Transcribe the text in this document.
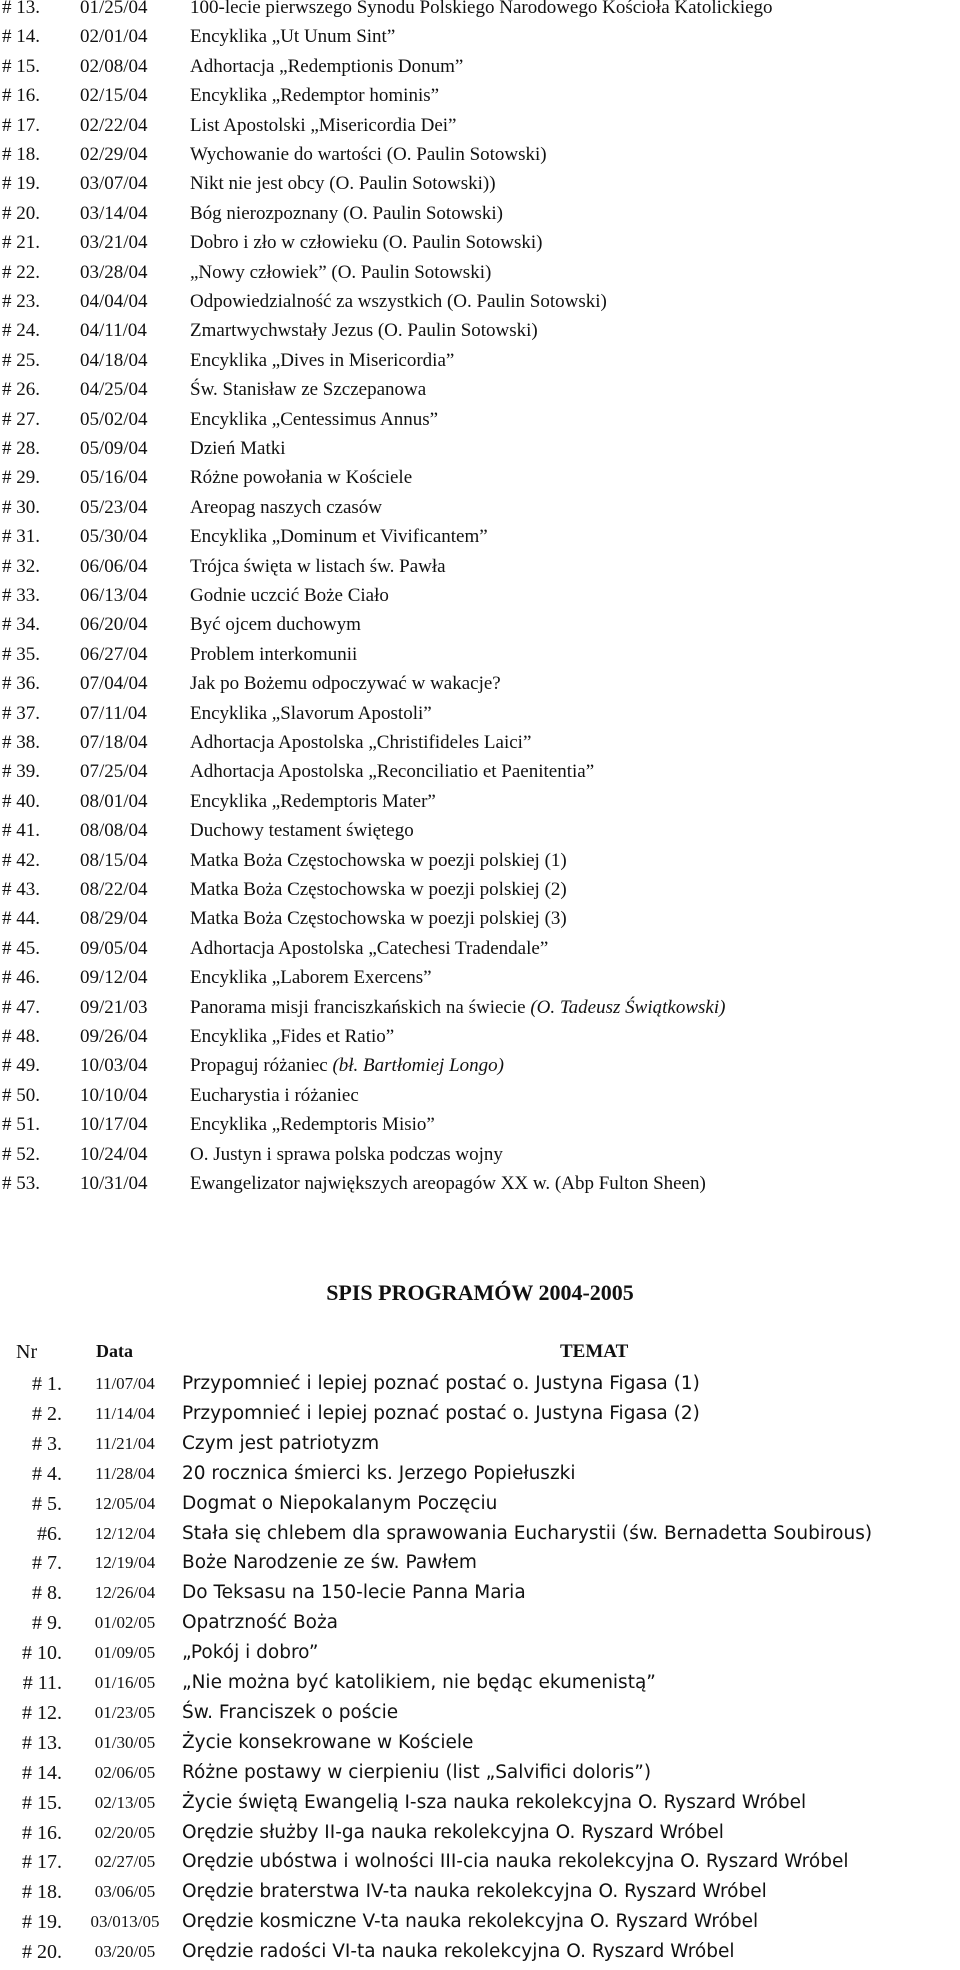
# 13. 01/25/04 100-lecie pierwszego Synodu Polskiego Narodowego Kościoła Katolickiego
# 14. 02/01/04 Encyklika „Ut Unum Sint”
# 15. 02/08/04 Adhortacja „Redemptionis Donum”
# 16. 02/15/04 Encyklika „Redemptor hominis”
# 17. 02/22/04 List Apostolski „Misericordia Dei”
# 18. 02/29/04 Wychowanie do wartości (O. Paulin Sotowski)
# 19. 03/07/04 Nikt nie jest obcy (O. Paulin Sotowski))
# 20. 03/14/04 Bóg nierozpoznany (O. Paulin Sotowski)
# 21. 03/21/04 Dobro i zło w człowieku (O. Paulin Sotowski)
# 22. 03/28/04 „Nowy człowiek” (O. Paulin Sotowski)
# 23. 04/04/04 Odpowiedzialność za wszystkich (O. Paulin Sotowski)
# 24. 04/11/04 Zmartwychwstały Jezus (O. Paulin Sotowski)
# 25. 04/18/04 Encyklika „Dives in Misericordia”
# 26. 04/25/04 Św. Stanisław ze Szczepanowa
# 27. 05/02/04 Encyklika „Centessimus Annus”
# 28. 05/09/04 Dzień Matki
# 29. 05/16/04 Różne powołania w Kościele
# 30. 05/23/04 Areopag naszych czasów
# 31. 05/30/04 Encyklika „Dominum et Vivificantem”
# 32. 06/06/04 Trójca święta w listach św. Pawła
# 33. 06/13/04 Godnie uczcić Boże Ciało
# 34. 06/20/04 Być ojcem duchowym
# 35. 06/27/04 Problem interkomunii
# 36. 07/04/04 Jak po Bożemu odpoczywać w wakacje?
# 37. 07/11/04 Encyklika „Slavorum Apostoli”
# 38. 07/18/04 Adhortacja Apostolska „Christifideles Laici”
# 39. 07/25/04 Adhortacja Apostolska „Reconciliatio et Paenitentia”
# 40. 08/01/04 Encyklika „Redemptoris Mater”
# 41. 08/08/04 Duchowy testament świętego
# 42. 08/15/04 Matka Boża Częstochowska w poezji polskiej (1)
# 43. 08/22/04 Matka Boża Częstochowska w poezji polskiej (2)
# 44. 08/29/04 Matka Boża Częstochowska w poezji polskiej (3)
# 45. 09/05/04 Adhortacja Apostolska „Catechesi Tradendale”
# 46. 09/12/04 Encyklika „Laborem Exercens”
# 47. 09/21/03 Panorama misji franciszkańskich na świecie (O. Tadeusz Świątkowski)
# 48. 09/26/04 Encyklika „Fides et Ratio”
# 49. 10/03/04 Propaguj różaniec (bł. Bartłomiej Longo)
# 50. 10/10/04 Eucharystia i różaniec
# 51. 10/17/04 Encyklika „Redemptoris Misio”
# 52. 10/24/04 O. Justyn i sprawa polska podczas wojny
# 53. 10/31/04 Ewangelizator największych areopagów XX w. (Abp Fulton Sheen)
SPIS PROGRAMÓW 2004-2005
Nr	Data	TEMAT
# 1.	11/07/04	Przypomnieć i lepiej poznać postać o. Justyna Figasa (1)
# 2.	11/14/04	Przypomnieć i lepiej poznać postać o. Justyna Figasa (2)
# 3.	11/21/04	Czym jest patriotyzm
# 4.	11/28/04	20 rocznica śmierci ks. Jerzego Popiełuszki
# 5.	12/05/04	Dogmat o Niepokalanym Poczęciu
#6.	12/12/04	Stała się chlebem dla sprawowania Eucharystii (św. Bernadetta Soubirous)
# 7.	12/19/04	Boże Narodzenie ze św. Pawłem
# 8.	12/26/04	Do Teksasu na 150-lecie Panna Maria
# 9.	01/02/05	Opatrzność Boża
# 10.	01/09/05	„Pokój i dobro”
# 11.	01/16/05	„Nie można być katolikiem, nie będąc ekumenistą”
# 12.	01/23/05	Św. Franciszek o poście
# 13.	01/30/05	Życie konsekrowane w Kościele
# 14.	02/06/05	Różne postawy w cierpieniu (list „Salvifici doloris”)
# 15.	02/13/05	Życie świętą Ewangelią I-sza nauka rekolekcyjna O. Ryszard Wróbel
# 16.	02/20/05	Orędzie służby II-ga nauka rekolekcyjna O. Ryszard Wróbel
# 17.	02/27/05	Orędzie ubóstwa i wolności III-cia nauka rekolekcyjna O. Ryszard Wróbel
# 18.	03/06/05	Orędzie braterstwa IV-ta nauka rekolekcyjna O. Ryszard Wróbel
# 19.	03/013/05	Orędzie kosmiczne V-ta nauka rekolekcyjna O. Ryszard Wróbel
# 20.	03/20/05	Orędzie radości VI-ta nauka rekolekcyjna O. Ryszard Wróbel
